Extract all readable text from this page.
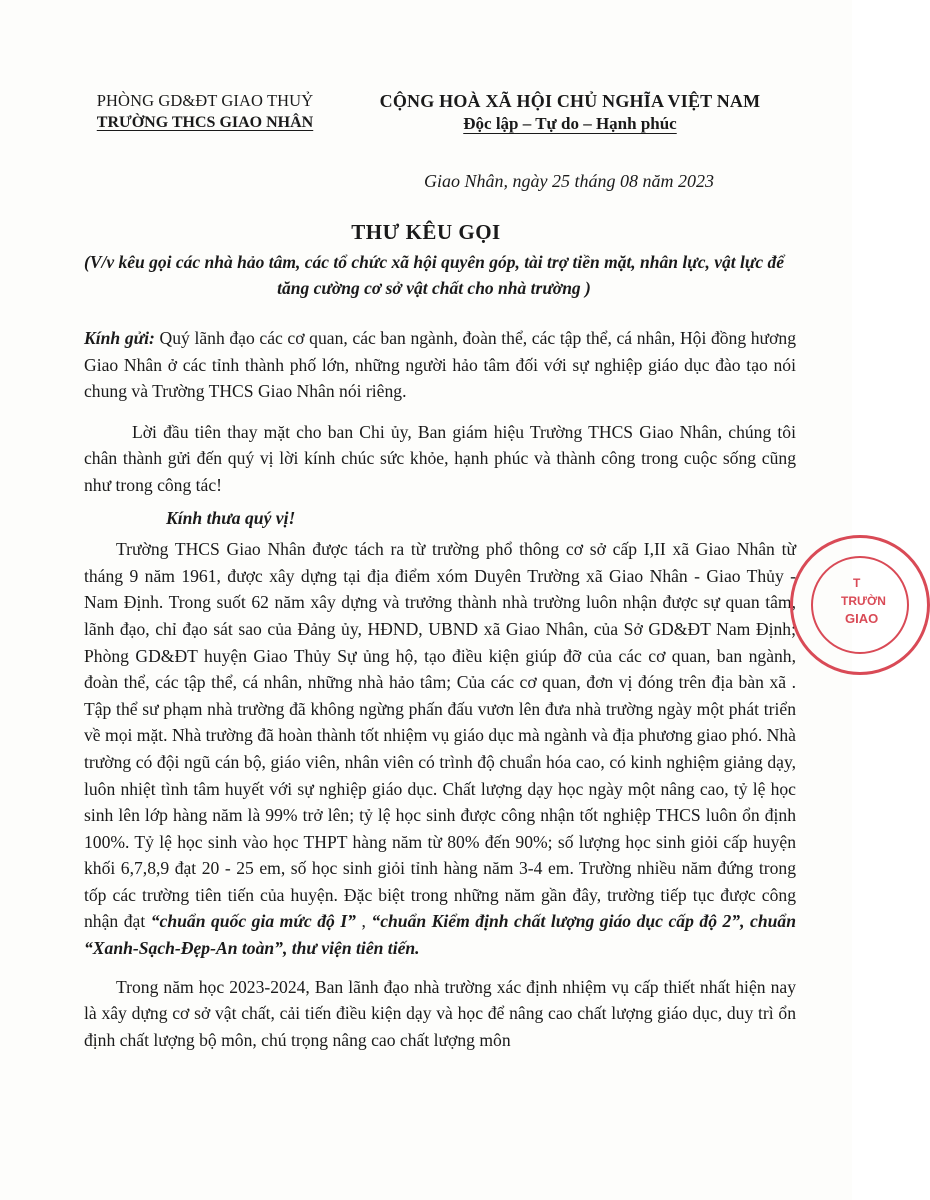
PHÒNG GD&ĐT GIAO THUỶ
TRƯỜNG THCS GIAO NHÂN
CỘNG HOÀ XÃ HỘI CHỦ NGHĨA VIỆT NAM
Độc lập – Tự do – Hạnh phúc
Giao Nhân, ngày 25 tháng 08 năm 2023
THƯ KÊU GỌI
(V/v kêu gọi các nhà hảo tâm, các tổ chức xã hội quyên góp, tài trợ tiền mặt, nhân lực, vật lực để tăng cường cơ sở vật chất cho nhà trường )

Kính gửi: Quý lãnh đạo các cơ quan, các ban ngành, đoàn thể, các tập thể, cá nhân, Hội đồng hương Giao Nhân ở các tỉnh thành phố lớn, những người hảo tâm đối với sự nghiệp giáo dục đào tạo nói chung và Trường THCS Giao Nhân nói riêng.

Lời đầu tiên thay mặt cho ban Chi ủy, Ban giám hiệu Trường THCS Giao Nhân, chúng tôi chân thành gửi đến quý vị lời kính chúc sức khỏe, hạnh phúc và thành công trong cuộc sống cũng như trong công tác!

Kính thưa quý vị!

Trường THCS Giao Nhân được tách ra từ trường phổ thông cơ sở cấp I,II xã Giao Nhân từ tháng 9 năm 1961, được xây dựng tại địa điểm xóm Duyên Trường xã Giao Nhân - Giao Thủy - Nam Định. Trong suốt 62 năm xây dựng và trưởng thành nhà trường luôn nhận được sự quan tâm, lãnh đạo, chỉ đạo sát sao của Đảng ủy, HĐND, UBND xã Giao Nhân, của Sở GD&ĐT Nam Định; Phòng GD&ĐT huyện Giao Thủy Sự ủng hộ, tạo điều kiện giúp đỡ của các cơ quan, ban ngành, đoàn thể, các tập thể, cá nhân, những nhà hảo tâm; Của các cơ quan, đơn vị đóng trên địa bàn xã . Tập thể sư phạm nhà trường đã không ngừng phấn đấu vươn lên đưa nhà trường ngày một phát triển về mọi mặt. Nhà trường đã hoàn thành tốt nhiệm vụ giáo dục mà ngành và địa phương giao phó. Nhà trường có đội ngũ cán bộ, giáo viên, nhân viên có trình độ chuẩn hóa cao, có kinh nghiệm giảng dạy, luôn nhiệt tình tâm huyết với sự nghiệp giáo dục. Chất lượng dạy học ngày một nâng cao, tỷ lệ học sinh lên lớp hàng năm là 99% trở lên; tỷ lệ học sinh được công nhận tốt nghiệp THCS luôn ổn định 100%. Tỷ lệ học sinh vào học THPT hàng năm từ 80% đến 90%; số lượng học sinh giỏi cấp huyện khối 6,7,8,9 đạt 20 - 25 em, số học sinh giỏi tỉnh hàng năm 3-4 em. Trường nhiều năm đứng trong tốp các trường tiên tiến của huyện. Đặc biệt trong những năm gần đây, trường tiếp tục được công nhận đạt “chuẩn quốc gia mức độ I” , “chuẩn Kiểm định chất lượng giáo dục cấp độ 2”, chuẩn “Xanh-Sạch-Đẹp-An toàn”, thư viện tiên tiến.

Trong năm học 2023-2024, Ban lãnh đạo nhà trường xác định nhiệm vụ cấp thiết nhất hiện nay là xây dựng cơ sở vật chất, cải tiến điều kiện dạy và học để nâng cao chất lượng giáo dục, duy trì ổn định chất lượng bộ môn, chú trọng nâng cao chất lượng môn

T
TRƯỜN
GIAO
